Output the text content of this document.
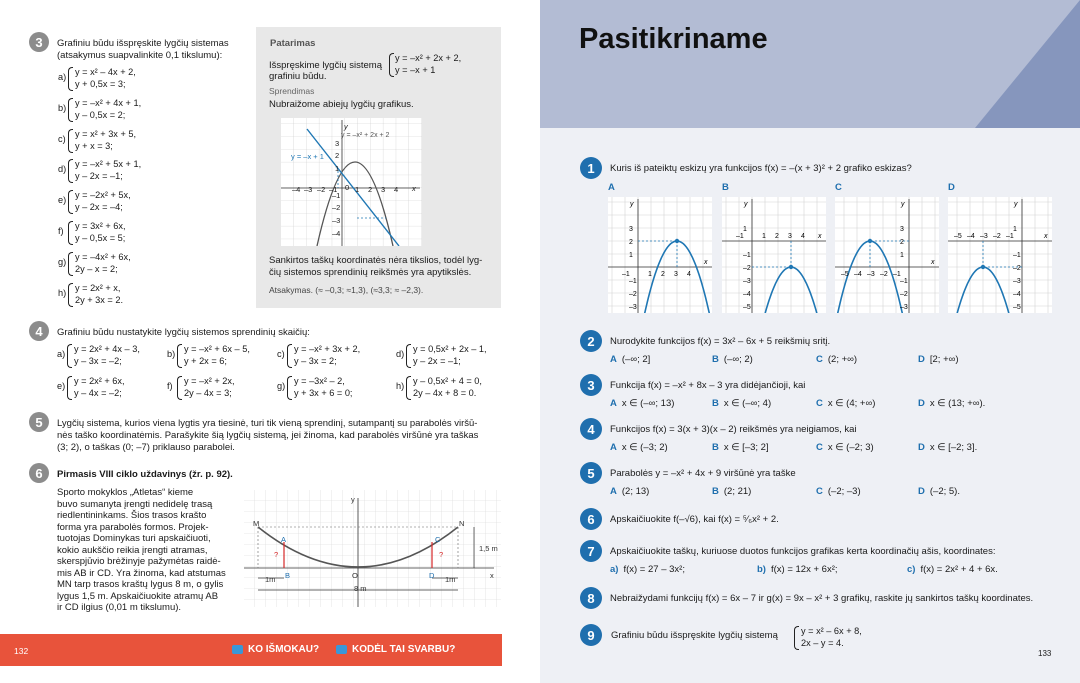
3	Grafiniu būdu išspręskite lygčių sistemas
(atsakymus suapvalinkite 0,1 tikslumu):
a) y = x² – 4x + 2,
y + 0,5x = 3;
b) y = –x² + 4x + 1,
y – 0,5x = 2;
c) y = x² + 3x + 5,
y + x = 3;
d) y = –x² + 5x + 1,
y – 2x = –1;
e) y = –2x² + 5x,
y – 2x = –4;
f) y = 3x² + 6x,
y – 0,5x = 5;
g) y = –4x² + 6x,
2y – x = 2;
h) y = 2x² + x,
2y + 3x = 2.
Patarimas
Išspręskime lygčių sistemą
grafiniu būdu.
y = –x² + 2x + 2,
y = –x + 1
Sprendimas
Nubraižome abiejų lygčių grafikus.
y = –x² + 2x + 2
y = –x + 1
–4 –3 –2 –1 1 2 3 4
3
2
1
–1
–2
–3
–4
0	x
y
Sankirtos taškų koordinatės nėra tikslios, todėl lyg-
čių sistemos sprendinių reikšmės yra apytikslės.
Atsakymas. (≈ –0,3; ≈1,3), (≈3,3; ≈ –2,3).
4	Grafiniu būdu nustatykite lygčių sistemos sprendinių skaičių:
a) y = 2x² + 4x – 3,
y – 3x = –2;
b) y = –x² + 6x – 5,
y + 2x = 6;
c) y = –x² + 3x + 2,
y – 3x = 2;
d) y = 0,5x² + 2x – 1,
y – 2x = –1;
e) y = 2x² + 6x,
y – 4x = –2;
f) y = –x² + 2x,
2y – 4x = 3;
g) y = –3x² – 2,
y + 3x + 6 = 0;
h) y – 0,5x² + 4 = 0,
2y – 4x + 8 = 0.
5	Lygčių sistema, kurios viena lygtis yra tiesinė, turi tik vieną sprendinį, sutampantį su parabolės viršū-
nės taško koordinatėmis. Parašykite šią lygčių sistemą, jei žinoma, kad parabolės viršūnė yra taškas
(3; 2), o taškas (0; –7) priklauso parabolei.
6	Pirmasis VIII ciklo uždavinys (žr. p. 92).
Sporto mokyklos „Atletas“ kieme
buvo sumanyta įrengti nedidelę trasą
riedlentininkams. Šios trasos krašto
forma yra parabolės formos. Projek-
tuotojas Dominykas turi apskaičiuoti,
kokio aukščio reikia įrengti atramas,
skerspjūvio brėžinyje pažymėtas raidė-
mis AB ir CD. Yra žinoma, kad atstumas
MN tarp trasos kraštų lygus 8 m, o gylis
lygus 1,5 m. Apskaičiuokite atramų AB
ir CD ilgius (0,01 m tikslumu).
M	N
A	C
B	D
O
?	?
1,5 m
8 m
1m	1m	x
y
132	KO IŠMOKAU?	KODĖL TAI SVARBU?
Pasitikriname
1	Kuris iš pateiktų eskizų yra funkcijos f(x) = –(x + 3)² + 2 grafiko eskizas?
A
–1	1 2 3 4
3
2
1
–1
–2
–3
x
y
B
–1	1 2 3 4
1
–1
–2
–3
–4
–5
x
y
C
–5 –4 –3 –2 –1
3
2
1
–1
–2
–3
x
y
D
–5 –4 –3 –2 –1
1
–1
–2
–3
–4
–5
x
y
2	Nurodykite funkcijos f(x) = 3x² – 6x + 5 reikšmių sritį.
A (–∞; 2]	B (–∞; 2)	C (2; +∞)	D [2; +∞)
3	Funkcija f(x) = –x² + 8x – 3 yra didėjančioji, kai
A x ∈ (–∞; 13)	B x ∈ (–∞; 4)	C x ∈ (4; +∞)	D x ∈ (13; +∞).
4	Funkcijos f(x) = 3(x + 3)(x – 2) reikšmės yra neigiamos, kai
A x ∈ (–3; 2)	B x ∈ [–3; 2]	C x ∈ (–2; 3)	D x ∈ [–2; 3].
5	Parabolės y = –x² + 4x + 9 viršūnė yra taške
A (2; 13)	B (2; 21)	C (–2; –3)	D (–2; 5).
6	Apskaičiuokite f(–√6), kai f(x) = ⁵⁄₆x² + 2.
7	Apskaičiuokite taškų, kuriuose duotos funkcijos grafikas kerta koordinačių ašis, koordinates:
a) f(x) = 27 – 3x²;	b) f(x) = 12x + 6x²;	c) f(x) = 2x² + 4 + 6x.
8	Nebraižydami funkcijų f(x) = 6x – 7 ir g(x) = 9x – x² + 3 grafikų, raskite jų sankirtos taškų koordinates.
9	Grafiniu būdu išspręskite lygčių sistemą	y = x² – 6x + 8,
2x – y = 4.
133
